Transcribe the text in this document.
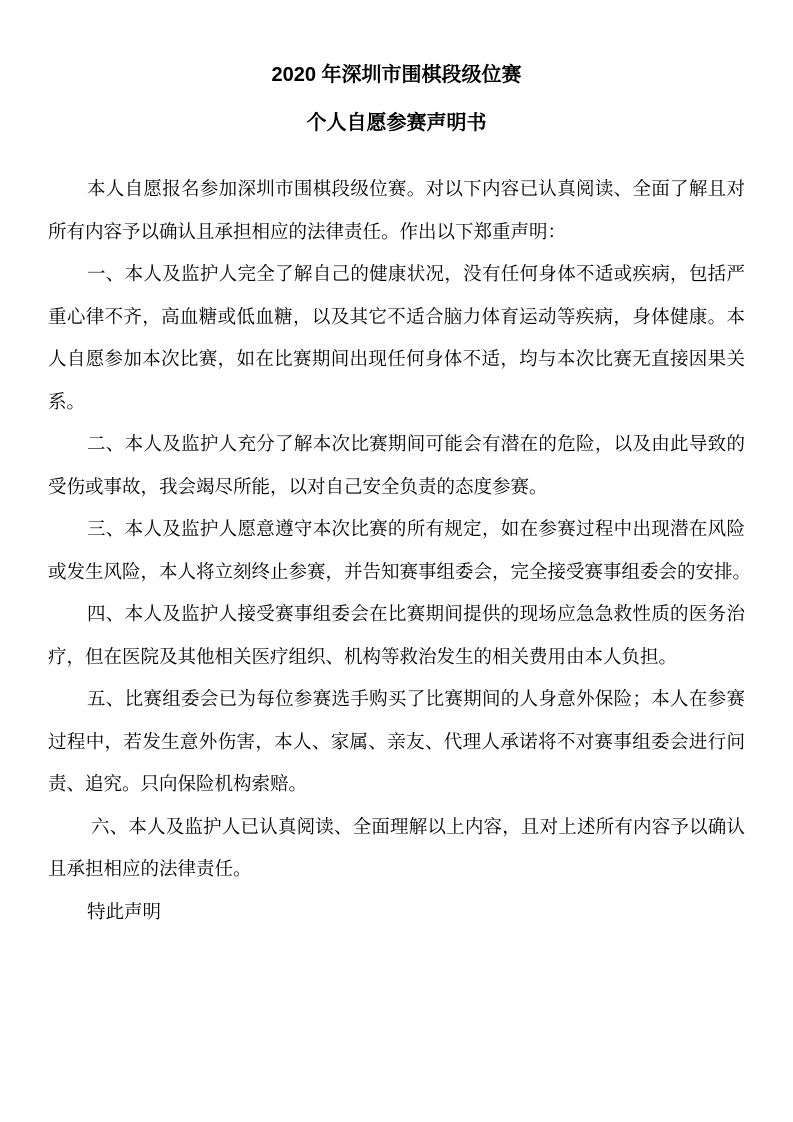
2020 年深圳市围棋段级位赛
个人自愿参赛声明书
本人自愿报名参加深圳市围棋段级位赛。对以下内容已认真阅读、全面了解且对
所有内容予以确认且承担相应的法律责任。作出以下郑重声明：
一、本人及监护人完全了解自己的健康状况，没有任何身体不适或疾病，包括严
重心律不齐，高血糖或低血糖，以及其它不适合脑力体育运动等疾病，身体健康。本
人自愿参加本次比赛，如在比赛期间出现任何身体不适，均与本次比赛无直接因果关
系。
二、本人及监护人充分了解本次比赛期间可能会有潜在的危险，以及由此导致的
受伤或事故，我会竭尽所能，以对自己安全负责的态度参赛。
三、本人及监护人愿意遵守本次比赛的所有规定，如在参赛过程中出现潜在风险
或发生风险，本人将立刻终止参赛，并告知赛事组委会，完全接受赛事组委会的安排。
四、本人及监护人接受赛事组委会在比赛期间提供的现场应急急救性质的医务治
疗，但在医院及其他相关医疗组织、机构等救治发生的相关费用由本人负担。
五、比赛组委会已为每位参赛选手购买了比赛期间的人身意外保险；本人在参赛
过程中，若发生意外伤害，本人、家属、亲友、代理人承诺将不对赛事组委会进行问
责、追究。只向保险机构索赔。
六、本人及监护人已认真阅读、全面理解以上内容，且对上述所有内容予以确认
且承担相应的法律责任。
特此声明
